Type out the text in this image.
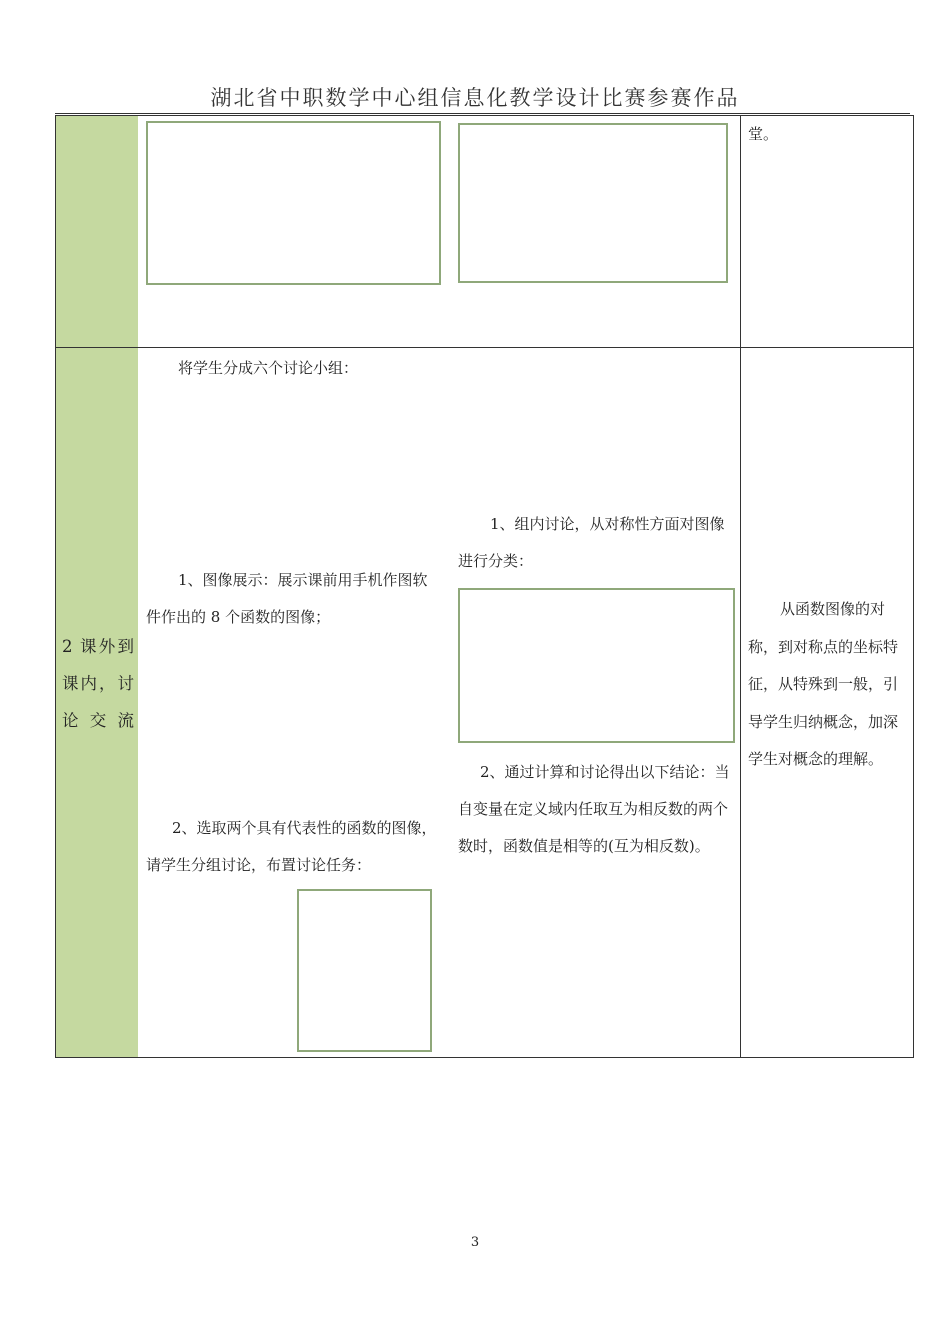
湖北省中职数学中心组信息化教学设计比赛参赛作品
堂。
2 课外到 课内，讨论交流
将学生分成六个讨论小组：
1、图像展示：展示课前用手机作图软件作出的 8 个函数的图像；
2、选取两个具有代表性的函数的图像，请学生分组讨论，布置讨论任务：
1、组内讨论，从对称性方面对图像进行分类：
2、通过计算和讨论得出以下结论：当自变量在定义域内任取互为相反数的两个数时，函数值是相等的(互为相反数)。
从函数图像的对称，到对称点的坐标特征，从特殊到一般，引导学生归纳概念，加深学生对概念的理解。
3
